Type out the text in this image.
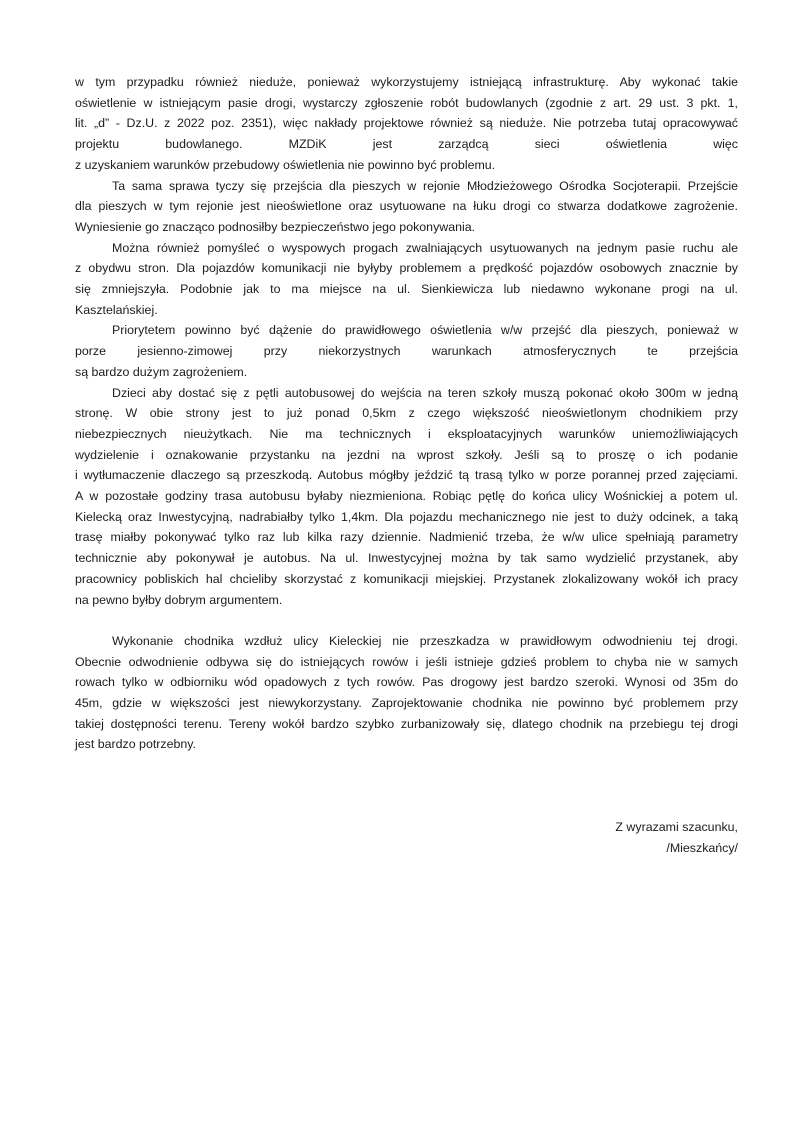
w tym przypadku również nieduże, ponieważ wykorzystujemy istniejącą infrastrukturę. Aby wykonać takie
oświetlenie w istniejącym pasie drogi, wystarczy zgłoszenie robót budowlanych (zgodnie z art. 29 ust. 3 pkt. 1,
lit. „d” - Dz.U. z 2022 poz. 2351), więc nakłady projektowe również są nieduże. Nie potrzeba tutaj opracowywać
projektu budowlanego. MZDiK jest zarządcą sieci oświetlenia więc
z uzyskaniem warunków przebudowy oświetlenia nie powinno być problemu.
Ta sama sprawa tyczy się przejścia dla pieszych w rejonie Młodzieżowego Ośrodka Socjoterapii. Przejście
dla pieszych w tym rejonie jest nieoświetlone oraz usytuowane na łuku drogi co stwarza dodatkowe zagrożenie.
Wyniesienie go znacząco podnosiłby bezpieczeństwo jego pokonywania.
Można również pomyśleć o wyspowych progach zwalniających usytuowanych na jednym pasie ruchu ale
z obydwu stron. Dla pojazdów komunikacji nie byłyby problemem a prędkość pojazdów osobowych znacznie by
się zmniejszyła. Podobnie jak to ma miejsce na ul. Sienkiewicza lub niedawno wykonane progi na ul.
Kasztelańskiej.
Priorytetem powinno być dążenie do prawidłowego oświetlenia w/w przejść dla pieszych, ponieważ w
porze jesienno-zimowej przy niekorzystnych warunkach atmosferycznych te przejścia
są bardzo dużym zagrożeniem.
Dzieci aby dostać się z pętli autobusowej do wejścia na teren szkoły muszą pokonać około 300m w jedną
stronę. W obie strony jest to już ponad 0,5km z czego większość nieoświetlonym chodnikiem przy
niebezpiecznych nieużytkach. Nie ma technicznych i eksploatacyjnych warunków uniemożliwiających
wydzielenie i oznakowanie przystanku na jezdni na wprost szkoły. Jeśli są to proszę o ich podanie
i wytłumaczenie dlaczego są przeszkodą. Autobus mógłby jeździć tą trasą tylko w porze porannej przed zajęciami.
A w pozostałe godziny trasa autobusu byłaby niezmieniona. Robiąc pętlę do końca ulicy Wośnickiej a potem ul.
Kielecką oraz Inwestycyjną, nadrabiałby tylko 1,4km. Dla pojazdu mechanicznego nie jest to duży odcinek, a taką
trasę miałby pokonywać tylko raz lub kilka razy dziennie. Nadmienić trzeba, że w/w ulice spełniają parametry
technicznie aby pokonywał je autobus. Na ul. Inwestycyjnej można by tak samo wydzielić przystanek, aby
pracownicy pobliskich hal chcieliby skorzystać z komunikacji miejskiej. Przystanek zlokalizowany wokół ich pracy
na pewno byłby dobrym argumentem.
Wykonanie chodnika wzdłuż ulicy Kieleckiej nie przeszkadza w prawidłowym odwodnieniu tej drogi.
Obecnie odwodnienie odbywa się do istniejących rowów i jeśli istnieje gdzieś problem to chyba nie w samych
rowach tylko w odbiorniku wód opadowych z tych rowów. Pas drogowy jest bardzo szeroki. Wynosi od 35m do
45m, gdzie w większości jest niewykorzystany. Zaprojektowanie chodnika nie powinno być problemem przy
takiej dostępności terenu. Tereny wokół bardzo szybko zurbanizowały się, dlatego chodnik na przebiegu tej drogi
jest bardzo potrzebny.
Z wyrazami szacunku,
/Mieszkańcy/
